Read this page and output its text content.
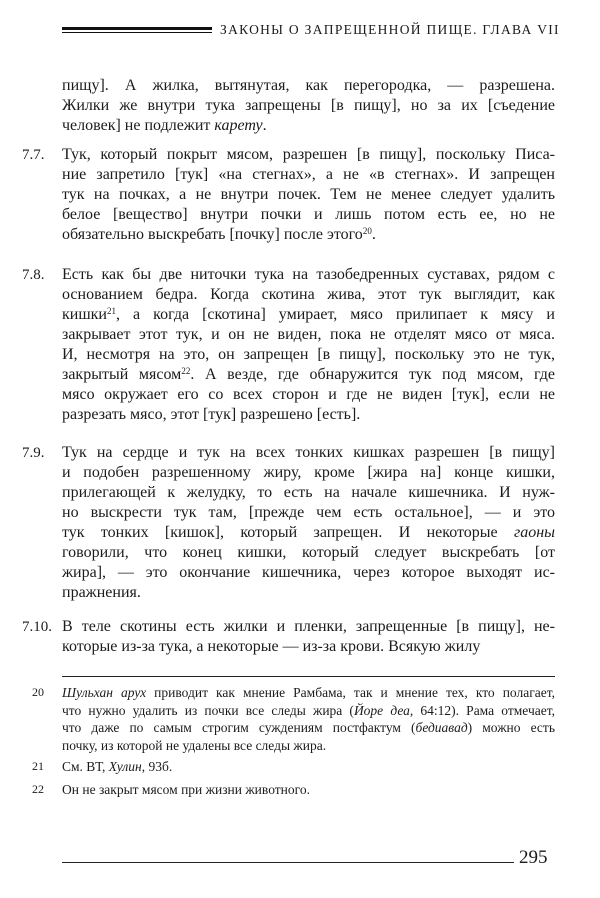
ЗАКОНЫ О ЗАПРЕЩЕННОЙ ПИЩЕ. ГЛАВА VII
пищу]. А жилка, вытянутая, как перегородка, — разрешена.
Жилки же внутри тука запрещены [в пищу], но за их [съедение
человек] не подлежит карету.
7.7. Тук, который покрыт мясом, разрешен [в пищу], поскольку Писа-
ние запретило [тук] «на стегнах», а не «в стегнах». И запрещен
тук на почках, а не внутри почек. Тем не менее следует удалить
белое [вещество] внутри почки и лишь потом есть ее, но не
обязательно выскребать [почку] после этого$^{20}$.
7.8. Есть как бы две ниточки тука на тазобедренных суставах, рядом с
основанием бедра. Когда скотина жива, этот тук выглядит, как
кишки$^{21}$, а когда [скотина] умирает, мясо прилипает к мясу и
закрывает этот тук, и он не виден, пока не отделят мясо от мяса.
И, несмотря на это, он запрещен [в пищу], поскольку это не тук,
закрытый мясом$^{22}$. А везде, где обнаружится тук под мясом, где
мясо окружает его со всех сторон и где не виден [тук], если не
разрезать мясо, этот [тук] разрешено [есть].
7.9. Тук на сердце и тук на всех тонких кишках разрешен [в пищу]
и подобен разрешенному жиру, кроме [жира на] конце кишки,
прилегающей к желудку, то есть на начале кишечника. И нуж-
но выскрести тук там, [прежде чем есть остальное], — и это
тук тонких [кишок], который запрещен. И некоторые гаоны
говорили, что конец кишки, который следует выскребать [от
жира], — это окончание кишечника, через которое выходят ис-
пражнения.
7.10. В теле скотины есть жилки и пленки, запрещенные [в пищу], не-
которые из-за тука, а некоторые — из-за крови. Всякую жилу
20 Шульхан арух приводит как мнение Рамбама, так и мнение тех, кто полагает,
что нужно удалить из почки все следы жира (Йоре деа, 64:12). Рама отмечает,
что даже по самым строгим суждениям постфактум (бедиавад) можно есть
почку, из которой не удалены все следы жира.
21 См. ВТ, Хулин, 93б.
22 Он не закрыт мясом при жизни животного.
295
